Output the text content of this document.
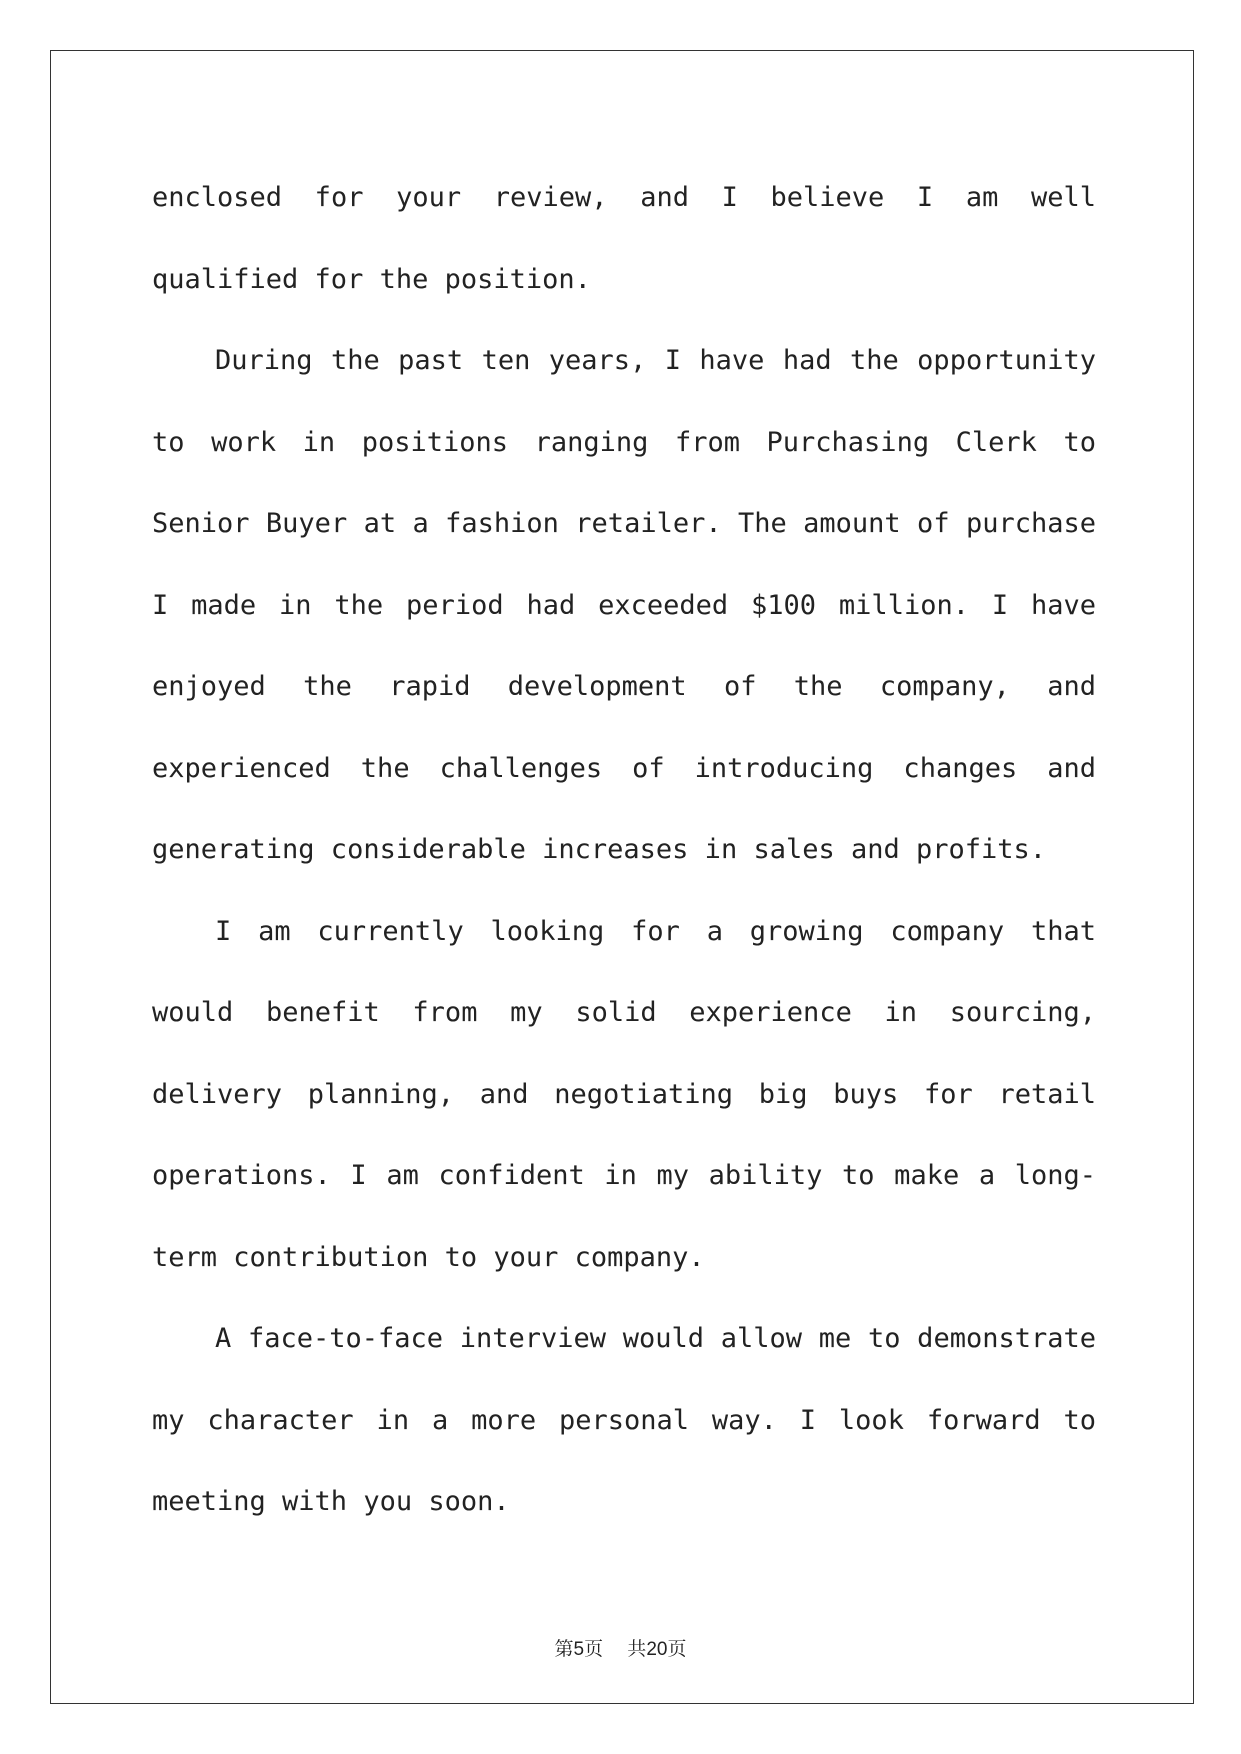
enclosed for your review, and I believe I am well qualified for the position.

During the past ten years, I have had the opportunity to work in positions ranging from Purchasing Clerk to Senior Buyer at a fashion retailer. The amount of purchase I made in the period had exceeded $100 million. I have enjoyed the rapid development of the company, and experienced the challenges of introducing changes and generating considerable increases in sales and profits.

I am currently looking for a growing company that would benefit from my solid experience in sourcing, delivery planning, and negotiating big buys for retail operations. I am confident in my ability to make a long-term contribution to your company.

A face-to-face interview would allow me to demonstrate my character in a more personal way. I look forward to meeting with you soon.

第5页 共20页
